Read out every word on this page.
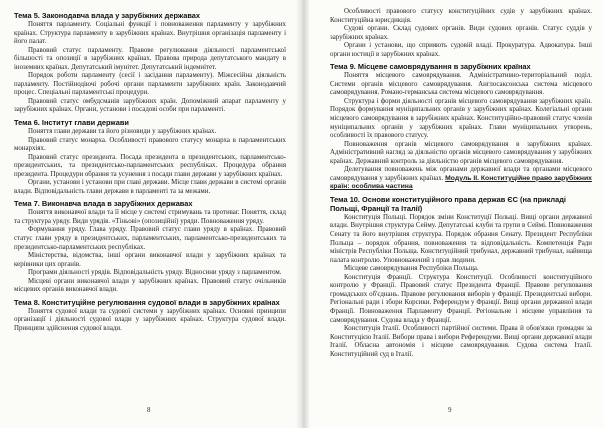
Тема 5. Законодавча влада у зарубіжних державах

Поняття парламенту. Соціальні функції і повноваження парламенту у зарубіжних країнах. Структура парламенту в зарубіжних країнах. Внутрішня організація парламенту і його палат.

Правовий статус парламенту. Правове регулювання діяльності парламентської більшості та опозиції в зарубіжних країнах. Правова природа депутатського мандату в іноземних країнах. Депутатський імунітет. Депутатський індемнітет.

Порядок роботи парламенту (сесії і засідання парламенту). Міжсесійна діяльність парламенту. Постійнодіючі робочі органи парламенти зарубіжних країн. Законодавчий процес. Спеціальні парламентські процедури.

Правовий статус омбудсманів зарубіжних країн. Допоміжний апарат парламенту у зарубіжних країнах. Органи, установи і посадові особи при парламенті.

Тема 6. Інститут глави держави

Поняття глави держави та його різновиди у зарубіжних країнах.

Правовий статус монарха. Особливості правового статусу монарха в парламентських монархіях.

Правовий статус президента. Посада президента в президентських, парламентсько-президентських, та президентсько-парламентських республіках. Процедура обрання президента. Процедури обрання та усунення з посади глави держави у зарубіжних країнах.

Органи, установи і установи при главі держави. Місце глави держави в системі органів влади. Відповідальність глави держави в парламенті та за межами.

Тема 7. Виконавча влада в зарубіжних державах

Поняття виконавчої влади та її місце у системі стримувань та противаг. Поняття, склад та структура уряду. Види урядів. «Тіньові» (опозиційні) уряди. Повноваження уряду.

Формування уряду. Глава уряду. Правовий статус глави уряду в країнах. Правовий статус глави уряду в президентських, парламентських, парламентсько-президентських та президентсько-парламентських республіках.

Міністерства, відомства, інші органи виконавчої влади у зарубіжних країнах та керівники цих органів.

Програми діяльності урядів. Відповідальність уряду. Відносини уряду з парламентом.

Місцеві органи виконавчої влади у зарубіжних країнах. Правовий статус очільників місцевих органів виконавчої влади.

Тема 8. Конституційне регулювання судової влади в зарубіжних країнах

Поняття судової влади та судової системи у зарубіжних країнах. Основні принципи організації і діяльності судової влади у зарубіжних країнах. Структура судової влади. Принципи здійснення судової влади.

8

Особливості правового статусу конституційних судів у зарубіжних країнах. Конституційна юрисдикція.

Судові органи. Склад судових органів. Види судових органів. Статус суддів у зарубіжних країнах.

Органи і установи, що сприяють судовій владі. Прокуратура. Адвокатура. Інші органи юстиції в зарубіжних країнах.

Тема 9. Місцеве самоврядування в зарубіжних країнах

Поняття місцевого самоврядування. Адміністративно-територіальний поділ. Системи органів місцевого самоврядування. Англосаксонська система місцевого самоврядування. Романо-германська система місцевого самоврядування.

Структура і форми діяльності органів місцевого самоврядування зарубіжних країн. Порядок формування муніципальних органів у зарубіжних країнах. Колегіальні органи місцевого самоврядування в зарубіжних країнах. Конституційно-правовий статус членів муніципальних органів у зарубіжних країнах. Глави муніципальних утворень, особливості їх правового статусу.

Повноваження органів місцевого самоврядування в зарубіжних країнах. Адміністративний нагляд за діяльністю органів місцевого самоврядування у зарубіжних країнах. Державний контроль за діяльністю органів місцевого самоврядування.

Делегування повноважень між органами державної влади та органами місцевого самоврядування у зарубіжних країнах. Модуль II. Конституційне право зарубіжних країн: особлива частина

Тема 10. Основи конституційного права держав ЄС (на прикладі Польщі, Франції та Італії)

Конституція Польщі. Порядок зміни Конституції Польщі. Вищі органи державної влади. Внутрішня структура Сейму. Депутатські клуби та групи в Сеймі. Повноваження Сенату та його внутрішня структура. Порядок обрання Сенату. Президент Республіки Польща – порядок обрання, повноваження та відповідальність. Компетенція Ради міністрів Республіки Польща. Конституційний трибунал, державний трибунал, найвища палата контролю. Уповноважений з прав людини.

Місцеве самоврядування Республіки Польща.

Конституція Франції. Структура Конституції. Особливості конституційного контролю у Франції. Правовий статус Президента Франції. Правове регулювання громадських об'єднань. Правове регулювання виборів у Франції. Президентські вибори. Регіональні ради і збори Корсики. Референдум у Франції. Вищі органи державної влади Франції. Повноваження Парламенту Франції. Регіональне і місцеве управління та самоврядування. Судова влада у Франції.

Конституція Італії. Особливості партійної системи. Права й обов'язки громадян за Конституцією Італії. Вибори права і вибори Референдуми. Вищі органи державної влади Італії. Обласна автономія і місцеве самоврядування. Судова система Італії. Конституційний суд в Італії.

9
